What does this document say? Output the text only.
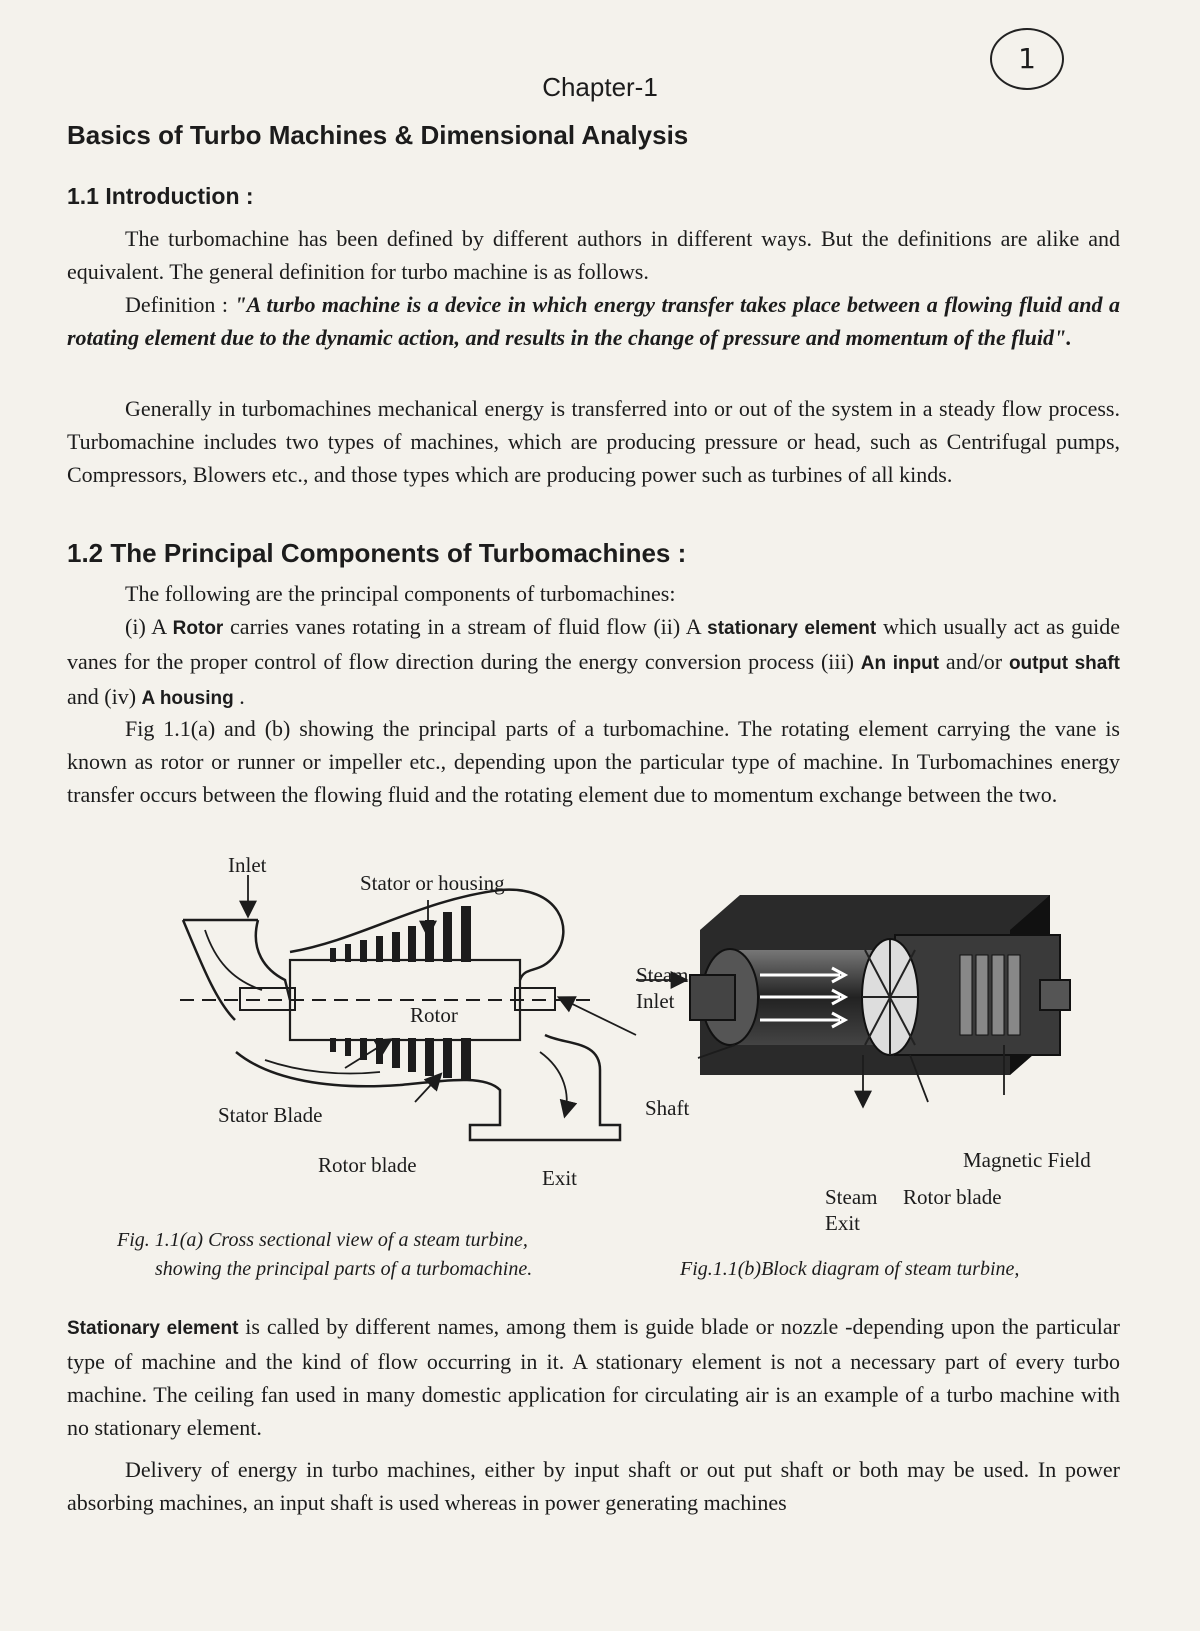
1
Chapter-1
Basics of Turbo Machines & Dimensional Analysis
1.1 Introduction :

The turbomachine has been defined by different authors in different ways. But the definitions are alike and equivalent. The general definition for turbo machine is as follows.

Definition : "A turbo machine is a device in which energy transfer takes place between a flowing fluid and a rotating element due to the dynamic action, and results in the change of pressure and momentum of the fluid".

Generally in turbomachines mechanical energy is transferred into or out of the system in a steady flow process. Turbomachine includes two types of machines, which are producing pressure or head, such as Centrifugal pumps, Compressors, Blowers etc., and those types which are producing power such as turbines of all kinds.

1.2 The Principal Components of Turbomachines :

The following are the principal components of turbomachines:

(i) A Rotor carries vanes rotating in a stream of fluid flow (ii) A stationary element which usually act as guide vanes for the proper control of flow direction during the energy conversion process (iii) An input and/or output shaft and (iv) A housing .

Fig 1.1(a) and (b) showing the principal parts of a turbomachine. The rotating element carrying the vane is known as rotor or runner or impeller etc., depending upon the particular type of machine. In Turbomachines energy transfer occurs between the flowing fluid and the rotating element due to momentum exchange between the two.

Inlet
Stator or housing
Rotor
Stator Blade
Rotor blade
Exit
Steam
Inlet
Shaft
Magnetic Field
Steam
Exit
Rotor blade
Fig. 1.1(a) Cross sectional view of a steam turbine,
showing the principal parts of a turbomachine.	Fig.1.1(b)Block diagram of steam turbine,

Stationary element is called by different names, among them is guide blade or nozzle -depending upon the particular type of machine and the kind of flow occurring in it. A stationary element is not a necessary part of every turbo machine. The ceiling fan used in many domestic application for circulating air is an example of a turbo machine with no stationary element.

Delivery of energy in turbo machines, either by input shaft or out put shaft or both may be used. In power absorbing machines, an input shaft is used whereas in power generating machines
